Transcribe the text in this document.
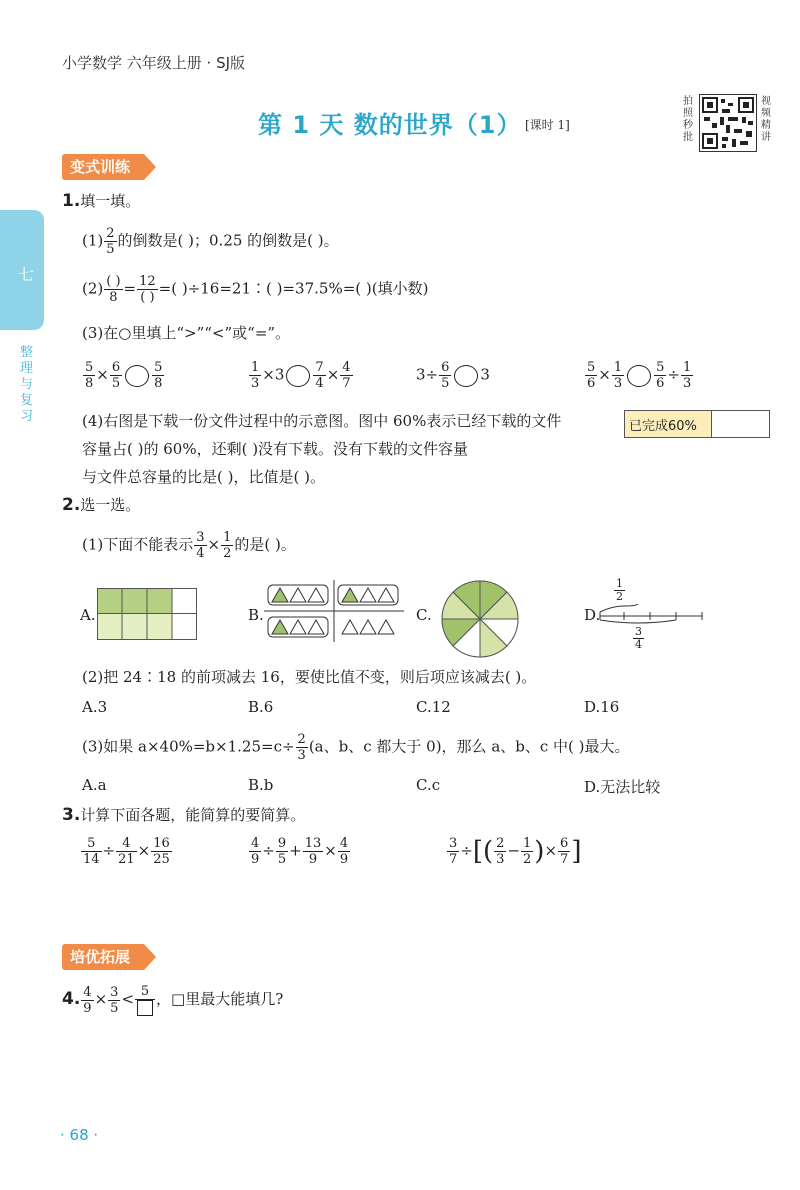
小学数学 六年级上册 · SJ版
第 1 天 数的世界（1） [课时 1]
拍照秒批
视频精讲
七
整理与复习
变式训练
1.填一填。
$(1) \frac{2}{5}$ 的倒数是( )；0.25 的倒数是( )。
$(2) \frac{( )}{8} = \frac{12}{( )}$ =( )÷16=21∶( )=37.5%=( )(填小数)
(3)在○里填上“>”“<”或“=”。
$\frac{5}{8} \times \frac{6}{5} \frac{5}{8}$	$\frac{1}{3} \times 3 \frac{7}{4} \times \frac{4}{7}$	$3\div \frac{6}{5} 3$	$\frac{5}{6} \times \frac{1}{3} \frac{5}{6} \div \frac{1}{3}$
(4)右图是下载一份文件过程中的示意图。图中 60%表示已经下载的文件
容量占( )的 60%，还剩( )没有下载。没有下载的文件容量
与文件总容量的比是( )，比值是( )。
已完成60%
2.选一选。
(1)下面不能表示 $\frac{3}{4} \times \frac{1}{2}$ 的是( )。
A.	B.	C.	D.
$\frac{1}{2}$
$\frac{3}{4}$
(2)把 24∶18 的前项减去 16，要使比值不变，则后项应该减去( )。
A.3	B.6	C.12	D.16
(3)如果 $a\times 40\%=b\times 1.25=c\div \frac{2}{3} (a$、b、c 都大于 0)，那么 a、b、c 中( )最大。
A.a	B.b	C.c	D.无法比较
3.计算下面各题，能简算的要简算。
$\frac{5}{14} \div \frac{4}{21} \times \frac{16}{25}$	$\frac{4}{9} \div \frac{9}{5} + \frac{13}{9} \times \frac{4}{9}$	$\frac{3}{7}$ ÷[( $\frac{2}{3} - \frac{1}{2}$ )× $\frac{6}{7}$ ]
培优拓展
4. $\frac{4}{9} \times \frac{3}{5} < 5$ ，□里最大能填几?
· 68 ·
